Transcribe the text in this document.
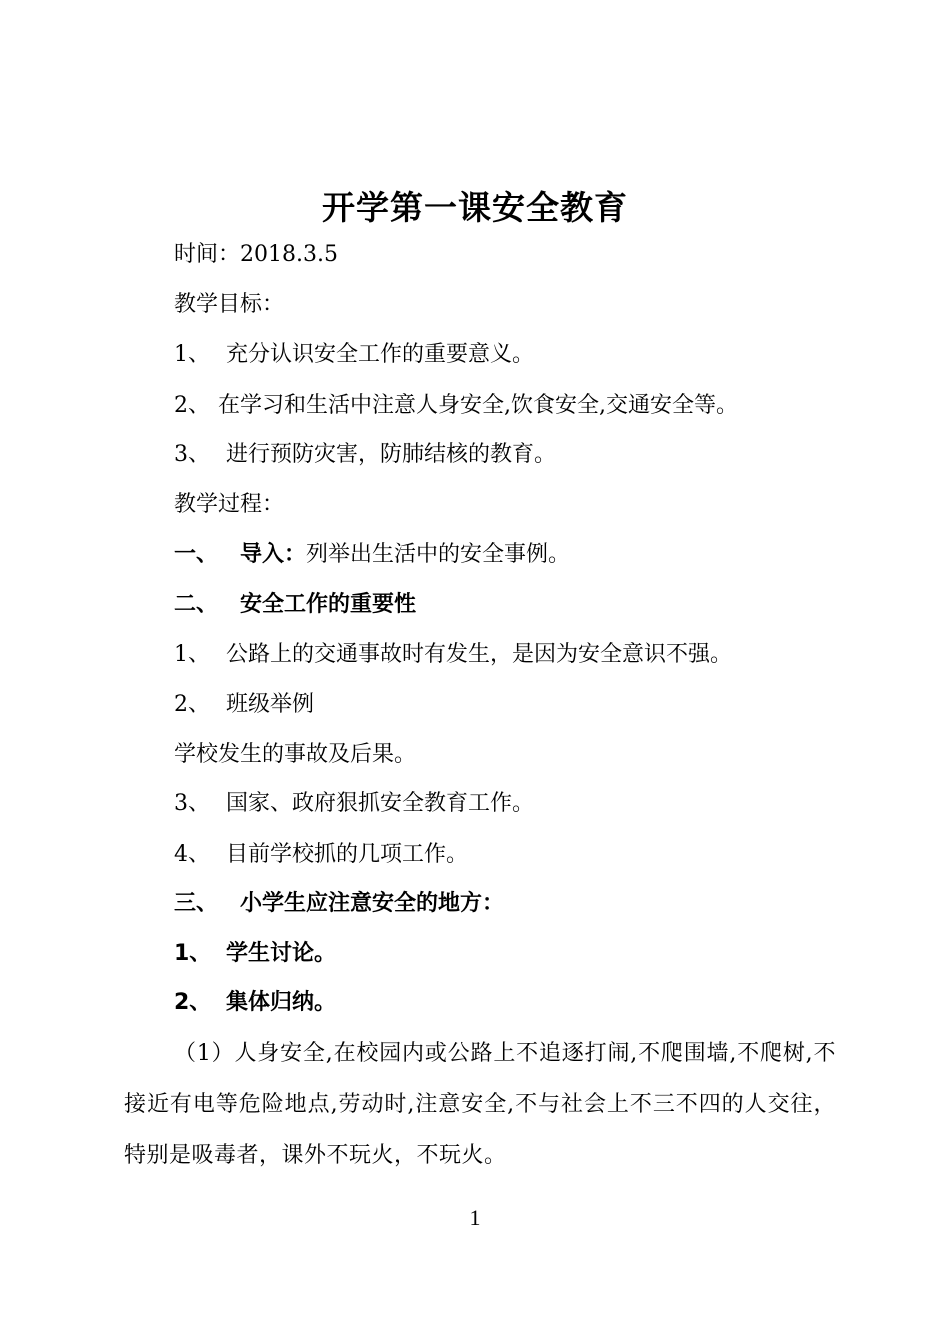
开学第一课安全教育

时间：2018.3.5

教学目标：

1、 充分认识安全工作的重要意义。

2、 在学习和生活中注意人身安全,饮食安全,交通安全等。

3、 进行预防灾害，防肺结核的教育。

教学过程：

一、 导入：列举出生活中的安全事例。

二、 安全工作的重要性

1、 公路上的交通事故时有发生，是因为安全意识不强。

2、 班级举例

学校发生的事故及后果。

3、 国家、政府狠抓安全教育工作。

4、 目前学校抓的几项工作。

三、 小学生应注意安全的地方：

1、 学生讨论。

2、 集体归纳。

（1）人身安全,在校园内或公路上不追逐打闹,不爬围墙,不爬树,不接近有电等危险地点,劳动时,注意安全,不与社会上不三不四的人交往，特别是吸毒者，课外不玩火，不玩火。

1
